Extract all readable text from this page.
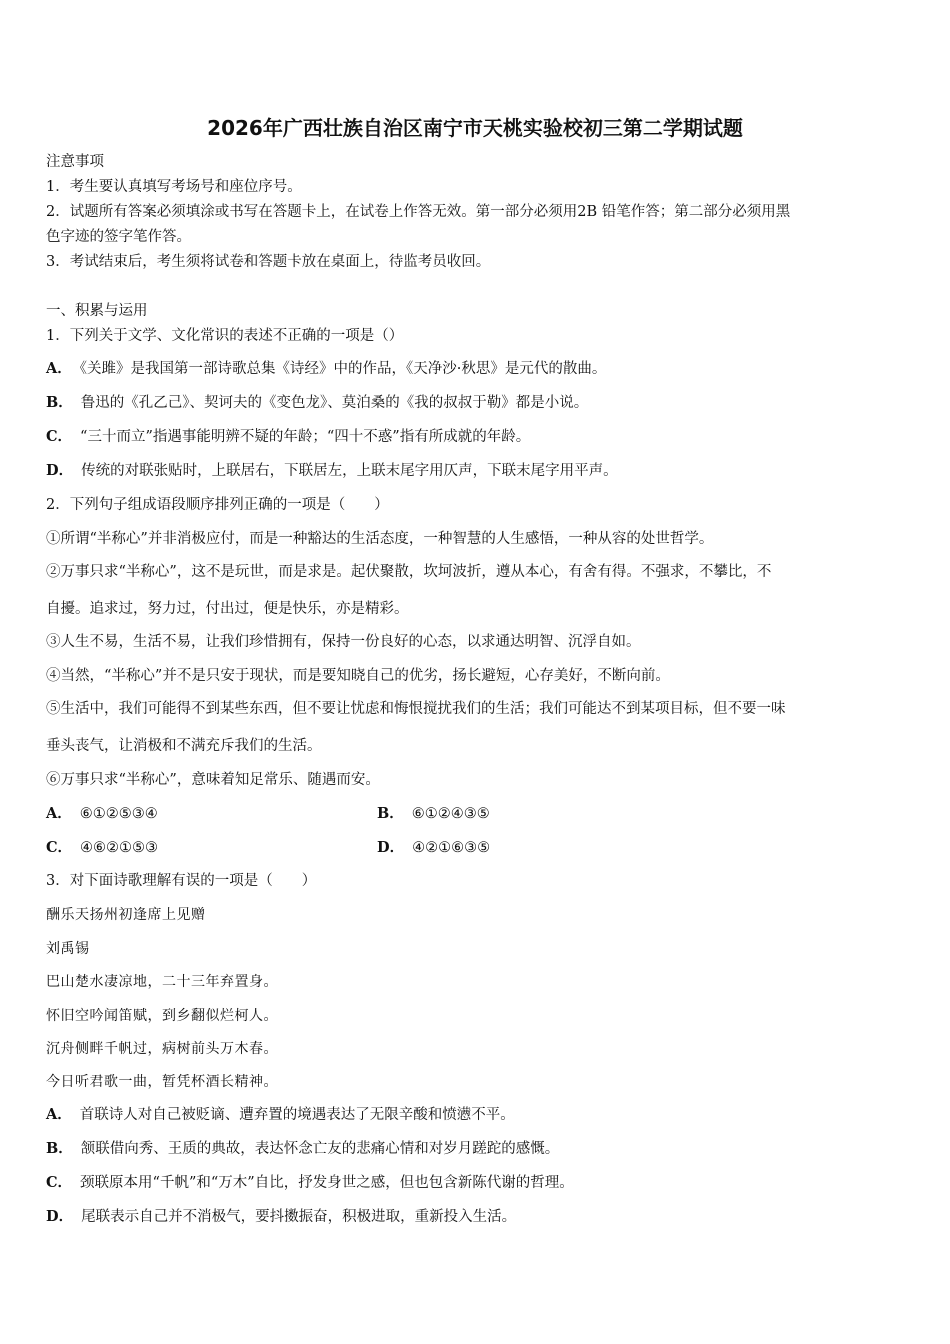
2026年广西壮族自治区南宁市天桃实验校初三第二学期试题
注意事项
1．考生要认真填写考场号和座位序号。
2．试题所有答案必须填涂或书写在答题卡上，在试卷上作答无效。第一部分必须用2B 铅笔作答；第二部分必须用黑
色字迹的签字笔作答。
3．考试结束后，考生须将试卷和答题卡放在桌面上，待监考员收回。
一、积累与运用
1．下列关于文学、文化常识的表述不正确的一项是（）
A． 《关雎》是我国第一部诗歌总集《诗经》中的作品，《天净沙·秋思》是元代的散曲。
B． 鲁迅的《孔乙己》、契诃夫的《变色龙》、莫泊桑的《我的叔叔于勒》都是小说。
C． “三十而立”指遇事能明辨不疑的年龄；“四十不惑”指有所成就的年龄。
D． 传统的对联张贴时，上联居右，下联居左，上联末尾字用仄声，下联末尾字用平声。
2．下列句子组成语段顺序排列正确的一项是（　　）
①所谓“半称心”并非消极应付，而是一种豁达的生活态度，一种智慧的人生感悟，一种从容的处世哲学。
②万事只求“半称心”，这不是玩世，而是求是。起伏聚散，坎坷波折，遵从本心，有舍有得。不强求，不攀比，不
自擾。追求过，努力过，付出过，便是快乐，亦是精彩。
③人生不易，生活不易，让我们珍惜拥有，保持一份良好的心态，以求通达明智、沉浮自如。
④当然，“半称心”并不是只安于现状，而是要知晓自己的优劣，扬长避短，心存美好，不断向前。
⑤生活中，我们可能得不到某些东西，但不要让忧虑和悔恨搅扰我们的生活；我们可能达不到某项目标，但不要一味
垂头丧气，让消极和不满充斥我们的生活。
⑥万事只求“半称心”，意味着知足常乐、随遇而安。
A． ⑥①②⑤③④	B． ⑥①②④③⑤
C． ④⑥②①⑤③	D． ④②①⑥③⑤
3．对下面诗歌理解有误的一项是（　　）
酬乐天扬州初逢席上见赠
刘禹锡
巴山楚水凄凉地，二十三年弃置身。
怀旧空吟闻笛赋，到乡翻似烂柯人。
沉舟侧畔千帆过，病树前头万木春。
今日听君歌一曲，暂凭杯酒长精神。
A． 首联诗人对自己被贬谪、遭弃置的境遇表达了无限辛酸和愤懑不平。
B． 颔联借向秀、王质的典故，表达怀念亡友的悲痛心情和对岁月蹉跎的感慨。
C． 颈联原本用“千帆”和“万木”自比，抒发身世之感，但也包含新陈代谢的哲理。
D． 尾联表示自己并不消极气，要抖擞振奋，积极进取，重新投入生活。
